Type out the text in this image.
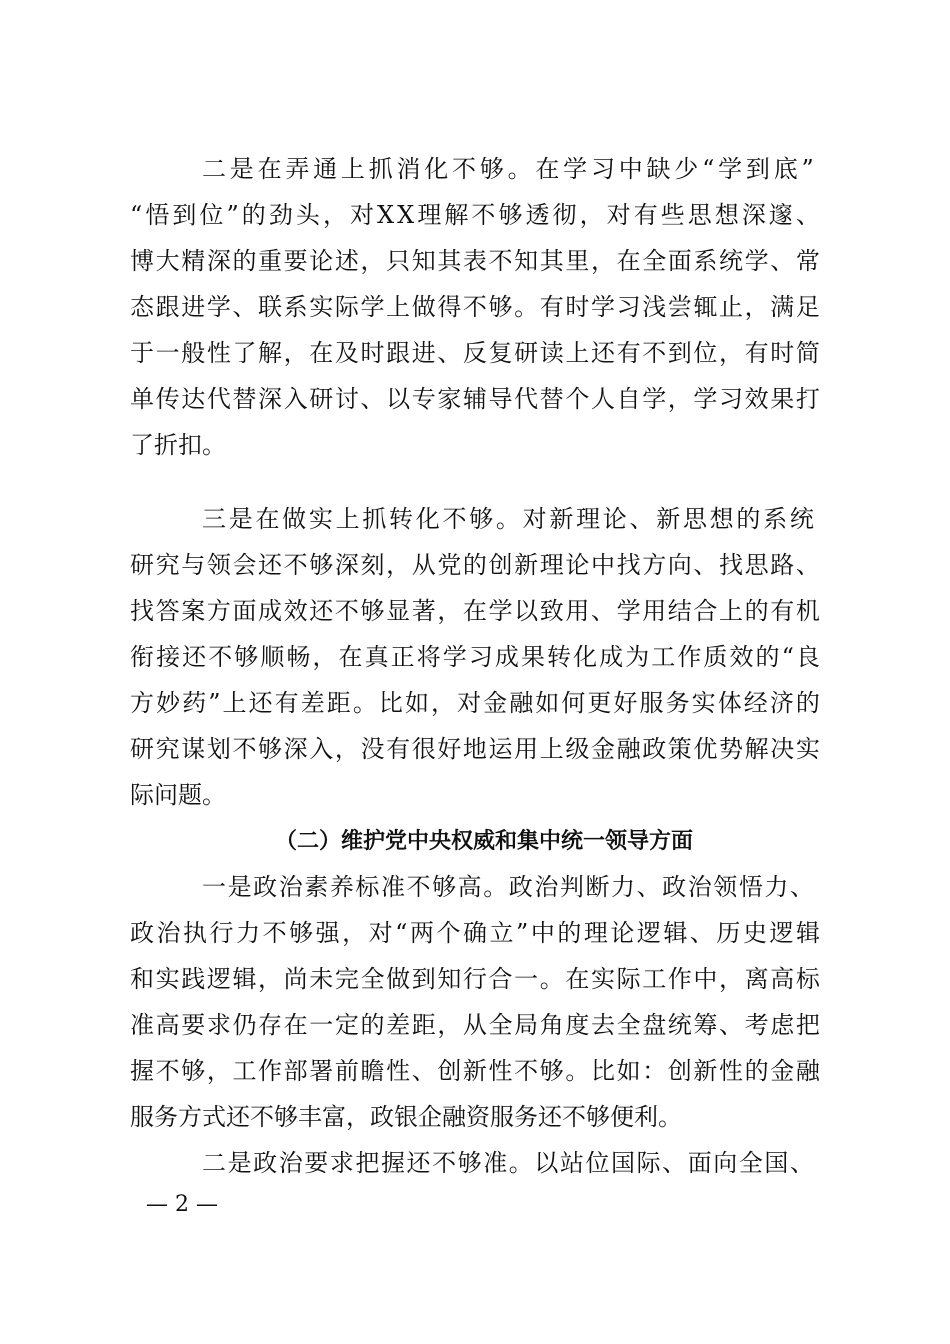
二 是 在 弄 通 上 抓 消 化 不 够 。 在 学 习 中 缺 少 “ 学 到 底 ”
“ 悟 到 位 ” 的 劲 头 ， 对 X X 理 解 不 够 透 彻 ， 对 有 些 思 想 深 邃 、
博 大 精 深 的 重 要 论 述 ， 只 知 其 表 不 知 其 里 ， 在 全 面 系 统 学 、 常
态 跟 进 学 、 联 系 实 际 学 上 做 得 不 够 。 有 时 学 习 浅 尝 辄 止 ， 满 足
于 一 般 性 了 解 ， 在 及 时 跟 进 、 反 复 研 读 上 还 有 不 到 位 ， 有 时 简
单 传 达 代 替 深 入 研 讨 、 以 专 家 辅 导 代 替 个 人 自 学 ， 学 习 效 果 打
了折扣。
三 是 在 做 实 上 抓 转 化 不 够 。 对 新 理 论 、 新 思 想 的 系 统
研 究 与 领 会 还 不 够 深 刻 ， 从 党 的 创 新 理 论 中 找 方 向 、 找 思 路 、
找 答 案 方 面 成 效 还 不 够 显 著 ， 在 学 以 致 用 、 学 用 结 合 上 的 有 机
衔 接 还 不 够 顺 畅 ， 在 真 正 将 学 习 成 果 转 化 成 为 工 作 质 效 的 “ 良
方 妙 药 ” 上 还 有 差 距 。 比 如 ， 对 金 融 如 何 更 好 服 务 实 体 经 济 的
研 究 谋 划 不 够 深 入 ， 没 有 很 好 地 运 用 上 级 金 融 政 策 优 势 解 决 实
际问题。
（二）维护党中央权威和集中统一领导方面
一 是 政 治 素 养 标 准 不 够 高 。 政 治 判 断 力 、 政 治 领 悟 力 、
政 治 执 行 力 不 够 强 ， 对 “ 两 个 确 立 ” 中 的 理 论 逻 辑 、 历 史 逻 辑
和 实 践 逻 辑 ， 尚 未 完 全 做 到 知 行 合 一 。 在 实 际 工 作 中 ， 离 高 标
准 高 要 求 仍 存 在 一 定 的 差 距 ， 从 全 局 角 度 去 全 盘 统 筹 、 考 虑 把
握 不 够 ， 工 作 部 署 前 瞻 性 、 创 新 性 不 够 。 比 如 ： 创 新 性 的 金 融
服务方式还不够丰富，政银企融资服务还不够便利。
二 是 政 治 要 求 把 握 还 不 够 准 。 以 站 位 国 际 、 面 向 全 国 、
— 2 —
